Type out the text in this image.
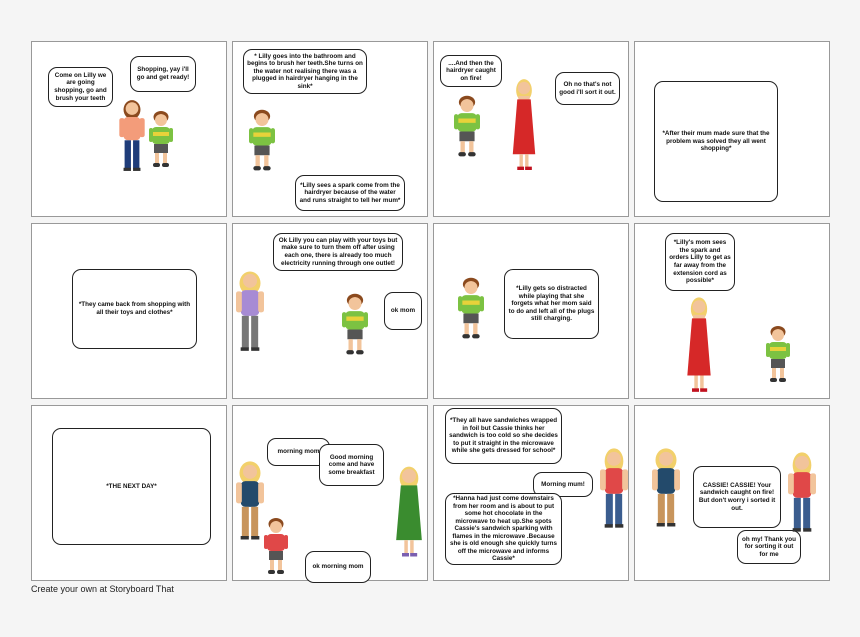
Come on Lilly we are going shopping, go and brush your teeth
Shopping, yay i'll go and get ready!
* Lilly goes into the bathroom and begins to brush her teeth.She turns on the water not realising there was a plugged in hairdryer hanging in the sink*
*Lilly sees a spark come from the hairdryer because of the water and runs straight to tell her mum*
....And then the hairdryer caught on fire!
Oh no that's not good i'll sort it out.
*After their mum made sure that the problem was solved they all went shopping*
*They came back from shopping with all their toys and clothes*
Ok Lilly you can play with your toys but make sure to turn them off after using each one, there is already too much electricity running through one outlet!
ok mom
*Lilly gets so distracted while playing that she forgets what her mom said to do and left all of the plugs still charging.
*Lilly's mom sees the spark and orders Lilly to get as far away from the extension cord as possible*
*THE NEXT DAY*
morning mom
Good morning come and have some breakfast
ok morning mom
*They all have sandwiches wrapped in foil but Cassie thinks her sandwich is too cold so she decides to put it straight in the microwave while she gets dressed for school*
Morning mum!
*Hanna had just come downstairs from her room and is about to put some hot chocolate in the microwave to heat up.She spots Cassie's sandwich sparking with flames in the microwave .Because she is old enough she quickly turns off the microwave and informs Cassie*
CASSIE! CASSIE! Your sandwich caught on fire! But don't worry i sorted it out.
oh my! Thank you for sorting it out for me
Create your own at Storyboard That
